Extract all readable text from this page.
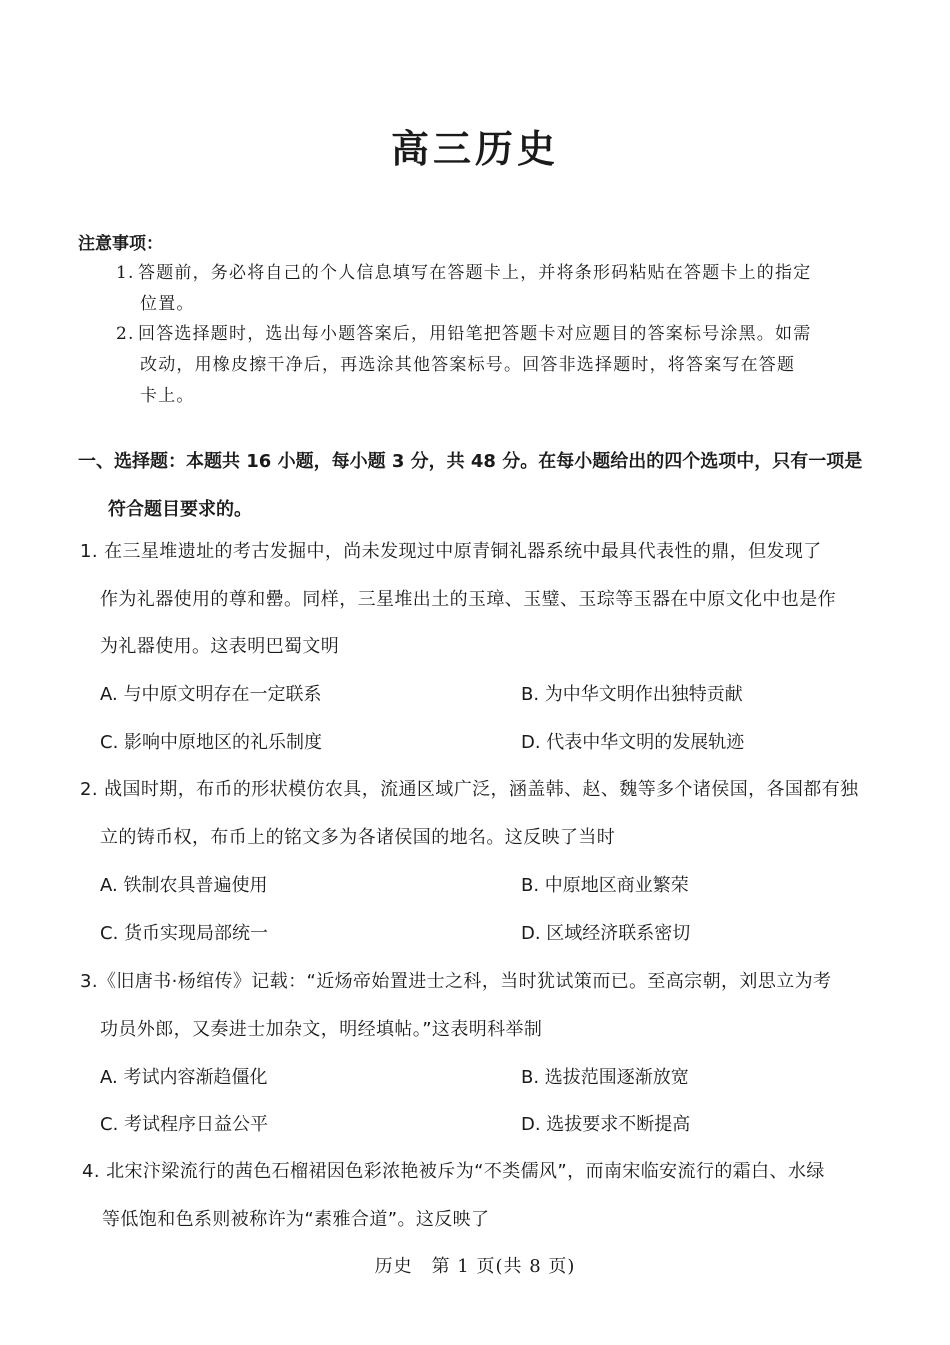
高三历史
注意事项：
1. 答题前，务必将自己的个人信息填写在答题卡上，并将条形码粘贴在答题卡上的指定
位置。
2. 回答选择题时，选出每小题答案后，用铅笔把答题卡对应题目的答案标号涂黑。如需
改动，用橡皮擦干净后，再选涂其他答案标号。回答非选择题时，将答案写在答题
卡上。
一、选择题：本题共 16 小题，每小题 3 分，共 48 分。在每小题给出的四个选项中，只有一项是
符合题目要求的。
1. 在三星堆遗址的考古发掘中，尚未发现过中原青铜礼器系统中最具代表性的鼎，但发现了
作为礼器使用的尊和罍。同样，三星堆出土的玉璋、玉璧、玉琮等玉器在中原文化中也是作
为礼器使用。这表明巴蜀文明
A. 与中原文明存在一定联系	B. 为中华文明作出独特贡献
C. 影响中原地区的礼乐制度	D. 代表中华文明的发展轨迹
2. 战国时期，布币的形状模仿农具，流通区域广泛，涵盖韩、赵、魏等多个诸侯国，各国都有独
立的铸币权，布币上的铭文多为各诸侯国的地名。这反映了当时
A. 铁制农具普遍使用	B. 中原地区商业繁荣
C. 货币实现局部统一	D. 区域经济联系密切
3.《旧唐书·杨绾传》记载：“近炀帝始置进士之科，当时犹试策而已。至高宗朝，刘思立为考
功员外郎，又奏进士加杂文，明经填帖。”这表明科举制
A. 考试内容渐趋僵化	B. 选拔范围逐渐放宽
C. 考试程序日益公平	D. 选拔要求不断提高
4. 北宋汴梁流行的茜色石榴裙因色彩浓艳被斥为“不类儒风”，而南宋临安流行的霜白、水绿
等低饱和色系则被称许为“素雅合道”。这反映了
历史　第 1 页(共 8 页)
